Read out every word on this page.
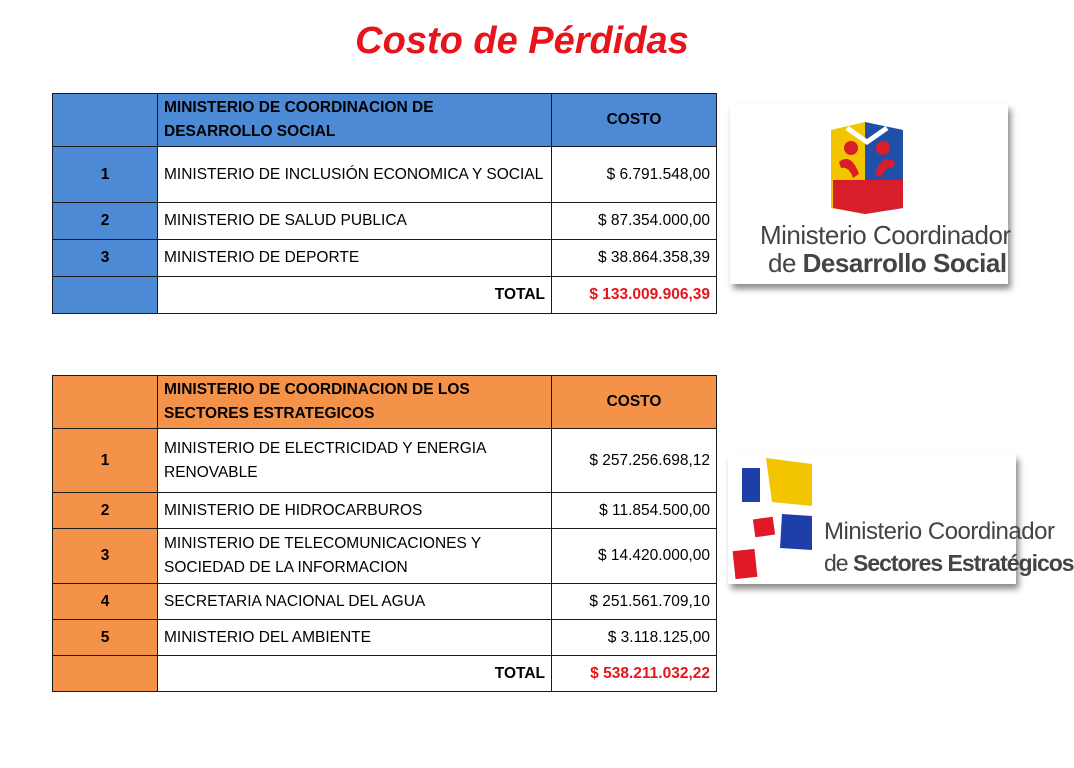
Costo de Pérdidas
	MINISTERIO DE COORDINACION DE DESARROLLO SOCIAL	COSTO
1	MINISTERIO DE INCLUSIÓN ECONOMICA Y SOCIAL	$ 6.791.548,00
2	MINISTERIO DE SALUD PUBLICA	$ 87.354.000,00
3	MINISTERIO DE DEPORTE	$ 38.864.358,39
	TOTAL	$ 133.009.906,39
	MINISTERIO DE COORDINACION DE LOS SECTORES ESTRATEGICOS	COSTO
1	MINISTERIO DE ELECTRICIDAD Y ENERGIA RENOVABLE	$ 257.256.698,12
2	MINISTERIO DE HIDROCARBUROS	$ 11.854.500,00
3	MINISTERIO DE TELECOMUNICACIONES Y SOCIEDAD DE LA INFORMACION	$ 14.420.000,00
4	SECRETARIA NACIONAL DEL AGUA	$ 251.561.709,10
5	MINISTERIO DEL AMBIENTE	$ 3.118.125,00
	TOTAL	$ 538.211.032,22
Ministerio Coordinador
de Desarrollo Social
Ministerio Coordinador
de Sectores Estratégicos
